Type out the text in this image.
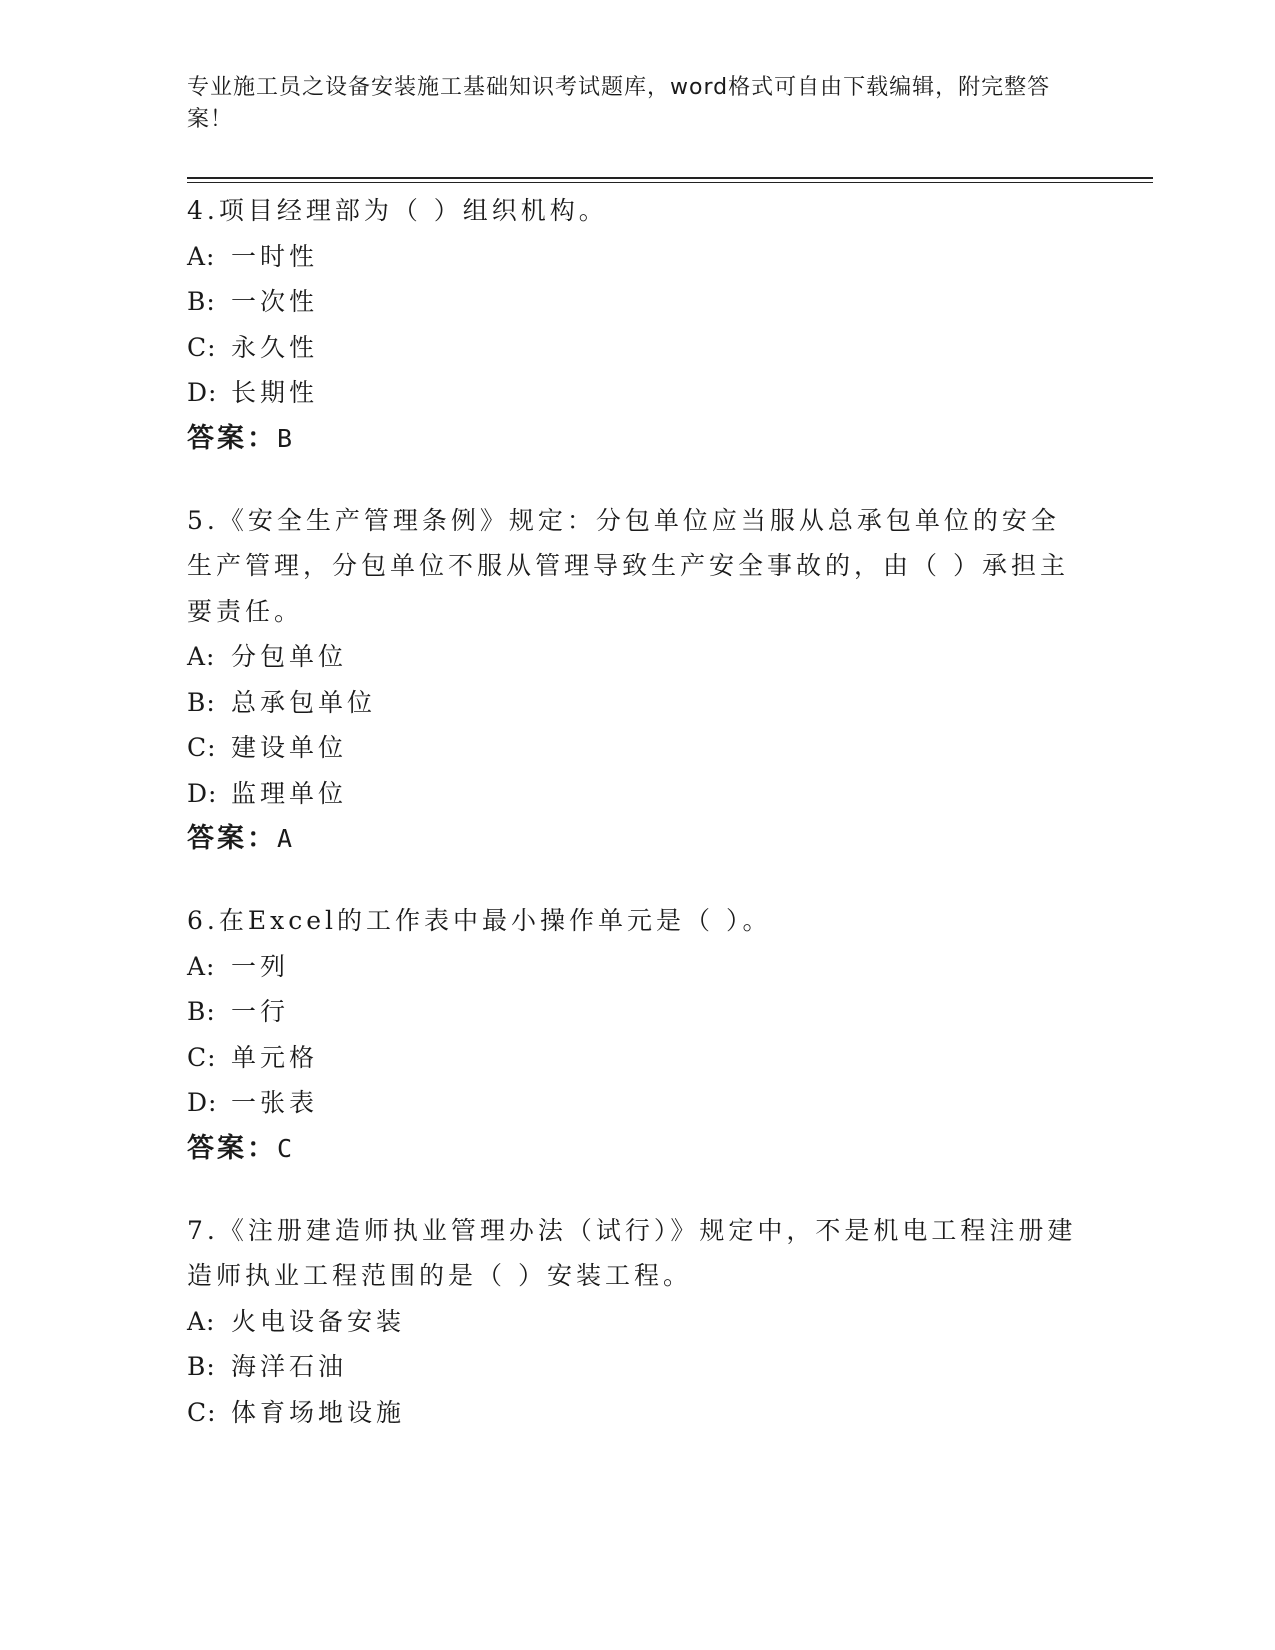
专业施工员之设备安装施工基础知识考试题库，word格式可自由下载编辑，附完整答案！
4.项目经理部为（ ）组织机构。
A: 一时性
B: 一次性
C: 永久性
D: 长期性
答案：B
5.《安全生产管理条例》规定：分包单位应当服从总承包单位的安全生产管理，分包单位不服从管理导致生产安全事故的，由（ ）承担主要责任。
A: 分包单位
B: 总承包单位
C: 建设单位
D: 监理单位
答案：A
6.在Excel的工作表中最小操作单元是（ ）。
A: 一列
B: 一行
C: 单元格
D: 一张表
答案：C
7.《注册建造师执业管理办法（试行）》规定中，不是机电工程注册建造师执业工程范围的是（ ）安装工程。
A: 火电设备安装
B: 海洋石油
C: 体育场地设施
